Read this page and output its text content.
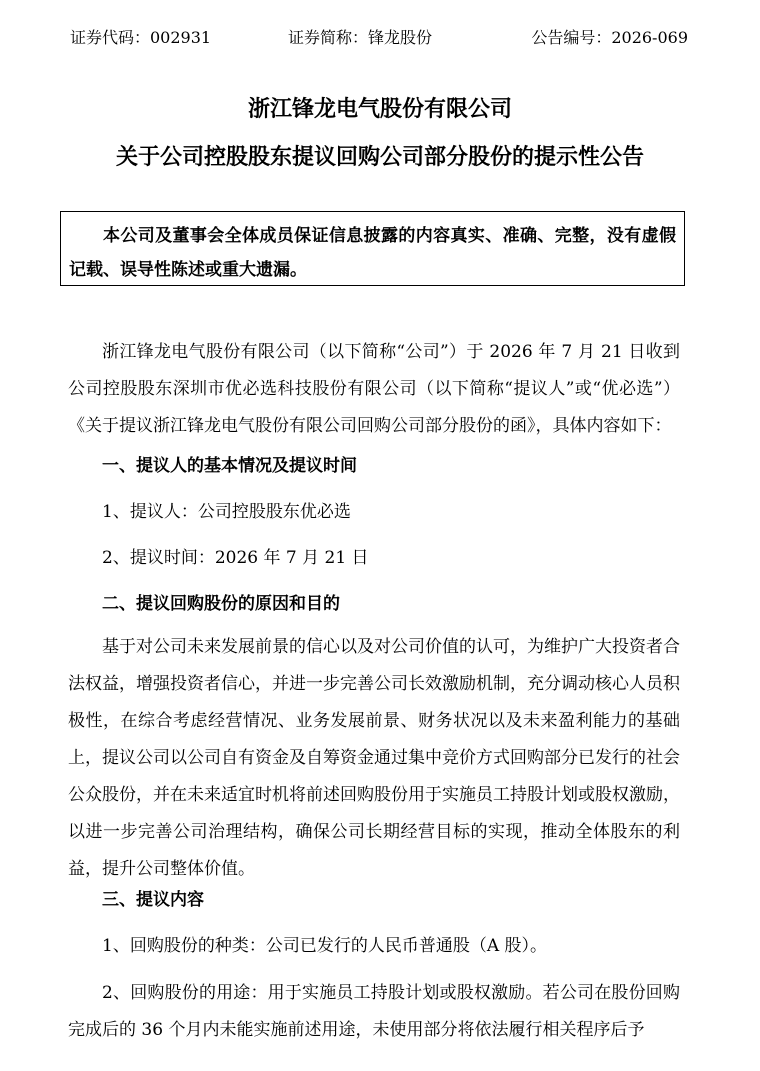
证券代码：002931	证券简称：锋龙股份	公告编号：2026-069
浙江锋龙电气股份有限公司
关于公司控股股东提议回购公司部分股份的提示性公告

本公司及董事会全体成员保证信息披露的内容真实、准确、完整，没有虚假记载、误导性陈述或重大遗漏。

浙江锋龙电气股份有限公司（以下简称“公司”）于 2026 年 7 月 21 日收到公司控股股东深圳市优必选科技股份有限公司（以下简称“提议人”或“优必选”）《关于提议浙江锋龙电气股份有限公司回购公司部分股份的函》，具体内容如下：

一、提议人的基本情况及提议时间

1、提议人：公司控股股东优必选

2、提议时间：2026 年 7 月 21 日

二、提议回购股份的原因和目的

基于对公司未来发展前景的信心以及对公司价值的认可，为维护广大投资者合法权益，增强投资者信心，并进一步完善公司长效激励机制，充分调动核心人员积极性，在综合考虑经营情况、业务发展前景、财务状况以及未来盈利能力的基础上，提议公司以公司自有资金及自筹资金通过集中竞价方式回购部分已发行的社会公众股份，并在未来适宜时机将前述回购股份用于实施员工持股计划或股权激励，以进一步完善公司治理结构，确保公司长期经营目标的实现，推动全体股东的利益，提升公司整体价值。

三、提议内容

1、回购股份的种类：公司已发行的人民币普通股（A 股）。

2、回购股份的用途：用于实施员工持股计划或股权激励。若公司在股份回购完成后的 36 个月内未能实施前述用途，未使用部分将依法履行相关程序后予
